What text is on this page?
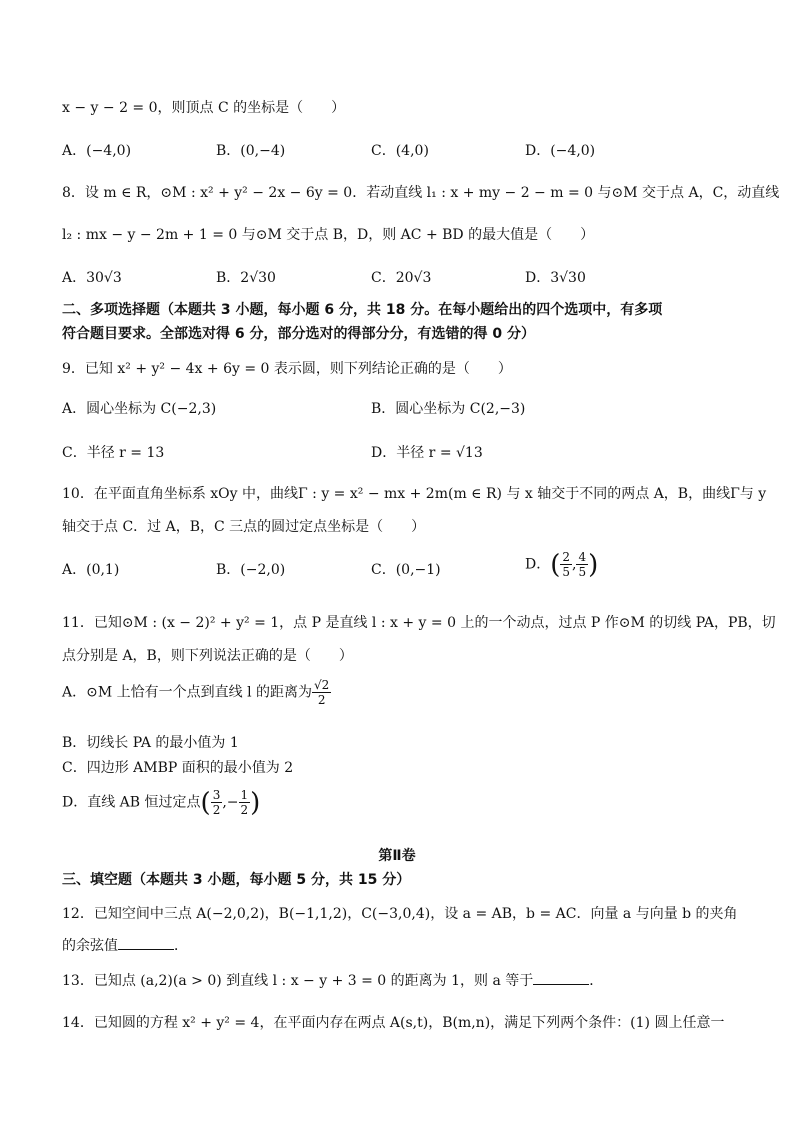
x − y − 2 = 0，则顶点 C 的坐标是（　　）
A．(−4,0)	B．(0,−4)	C．(4,0)	D．(−4,0)
8．设 m ∈ R，⊙M : x² + y² − 2x − 6y = 0．若动直线 l₁ : x + my − 2 − m = 0 与⊙M 交于点 A，C，动直线
l₂ : mx − y − 2m + 1 = 0 与⊙M 交于点 B，D，则 AC + BD 的最大值是（　　）
A．30√3	B．2√30	C．20√3	D．3√30
二、多项选择题（本题共 3 小题，每小题 6 分，共 18 分。在每小题给出的四个选项中，有多项
符合题目要求。全部选对得 6 分，部分选对的得部分分，有选错的得 0 分）
9．已知 x² + y² − 4x + 6y = 0 表示圆，则下列结论正确的是（　　）
A．圆心坐标为 C(−2,3)	B．圆心坐标为 C(2,−3)
C．半径 r = 13	D．半径 r = √13
10．在平面直角坐标系 xOy 中，曲线Γ : y = x² − mx + 2m(m ∈ R) 与 x 轴交于不同的两点 A，B，曲线Γ与 y
轴交于点 C．过 A，B，C 三点的圆过定点坐标是（　　）
A．(0,1)	B．(−2,0)	C．(0,−1)	D．( $\frac{2}{5}$ , $\frac{4}{5}$ )
11．已知⊙M : (x − 2)² + y² = 1，点 P 是直线 l : x + y = 0 上的一个动点，过点 P 作⊙M 的切线 PA，PB，切
点分别是 A，B，则下列说法正确的是（　　）
A．⊙M 上恰有一个点到直线 l 的距离为 $\frac{√2}{2}$
B．切线长 PA 的最小值为 1
C．四边形 AMBP 面积的最小值为 2
D．直线 AB 恒过定点( $\frac{3}{2}$ ,− $\frac{1}{2}$ )
第Ⅱ卷
三、填空题（本题共 3 小题，每小题 5 分，共 15 分）
12．已知空间中三点 A(−2,0,2)，B(−1,1,2)，C(−3,0,4)，设 a = AB，b = AC．向量 a 与向量 b 的夹角
的余弦值	．
13．已知点 (a,2)(a > 0) 到直线 l : x − y + 3 = 0 的距离为 1，则 a 等于	．
14．已知圆的方程 x² + y² = 4，在平面内存在两点 A(s,t)，B(m,n)，满足下列两个条件：(1) 圆上任意一
